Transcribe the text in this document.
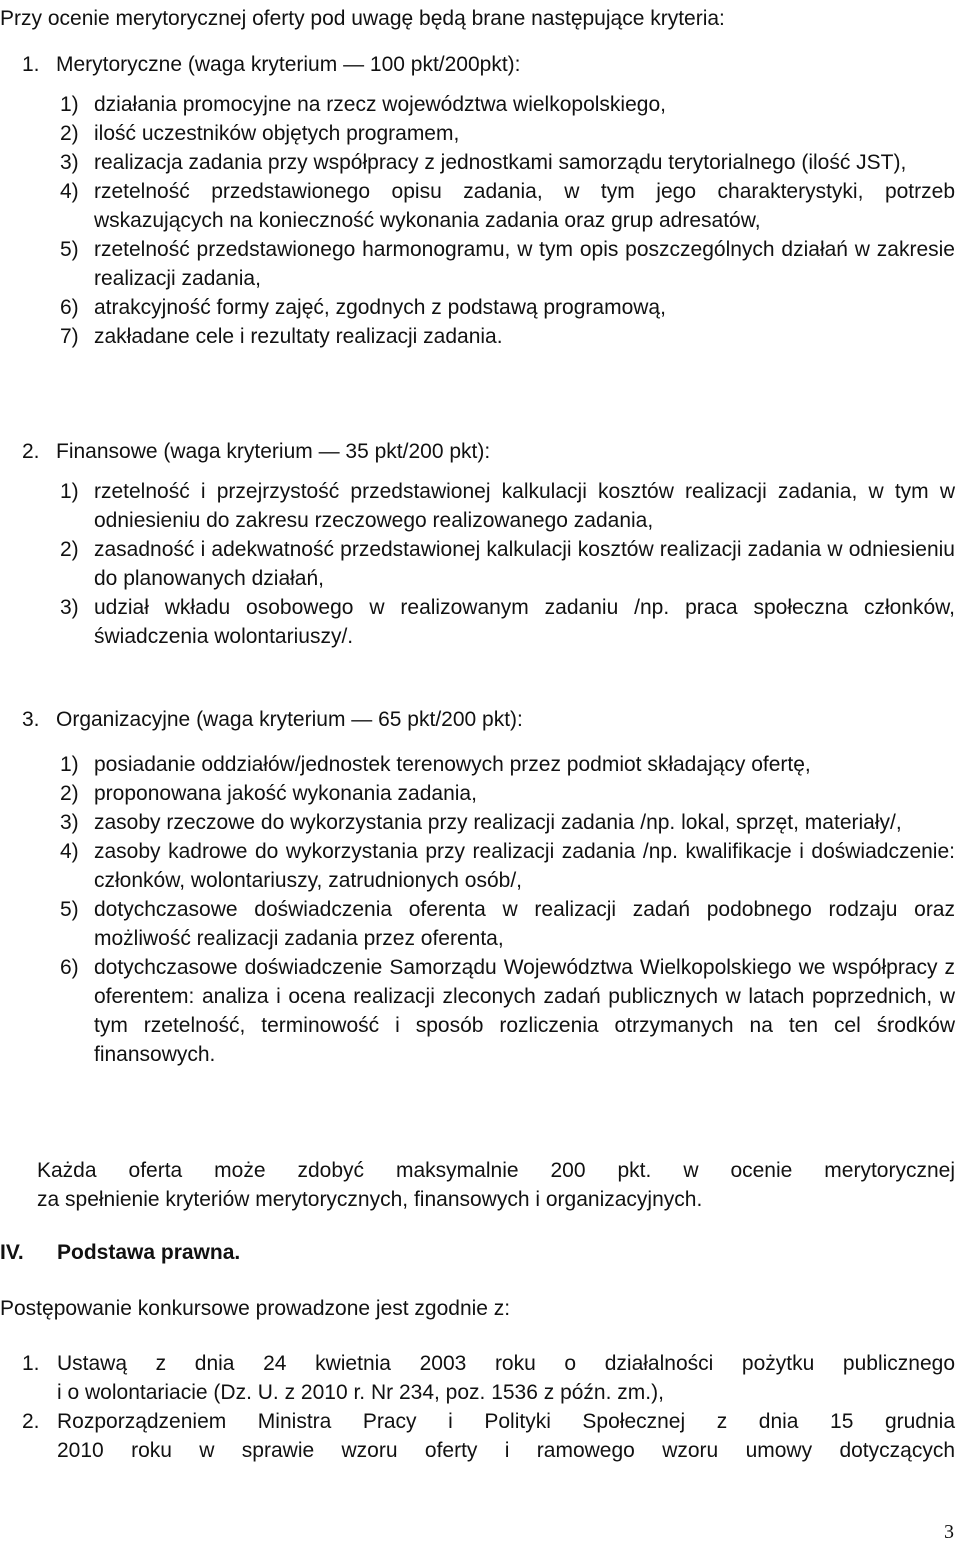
Przy ocenie merytorycznej oferty pod uwagę będą brane następujące kryteria:
1. Merytoryczne (waga kryterium — 100 pkt/200pkt):
1) działania promocyjne na rzecz województwa wielkopolskiego,
2) ilość uczestników objętych programem,
3) realizacja zadania przy współpracy z jednostkami samorządu terytorialnego (ilość JST),
4) rzetelność przedstawionego opisu zadania, w tym jego charakterystyki, potrzeb wskazujących na konieczność wykonania zadania oraz grup adresatów,
5) rzetelność przedstawionego harmonogramu, w tym opis poszczególnych działań w zakresie realizacji zadania,
6) atrakcyjność formy zajęć, zgodnych z podstawą programową,
7) zakładane cele i rezultaty realizacji zadania.
2. Finansowe (waga kryterium — 35 pkt/200 pkt):
1) rzetelność i przejrzystość przedstawionej kalkulacji kosztów realizacji zadania, w tym w odniesieniu do zakresu rzeczowego realizowanego zadania,
2) zasadność i adekwatność przedstawionej kalkulacji kosztów realizacji zadania w odniesieniu do planowanych działań,
3) udział wkładu osobowego w realizowanym zadaniu /np. praca społeczna członków, świadczenia wolontariuszy/.
3. Organizacyjne (waga kryterium — 65 pkt/200 pkt):
1) posiadanie oddziałów/jednostek terenowych przez podmiot składający ofertę,
2) proponowana jakość wykonania zadania,
3) zasoby rzeczowe do wykorzystania przy realizacji zadania /np. lokal, sprzęt, materiały/,
4) zasoby kadrowe do wykorzystania przy realizacji zadania /np. kwalifikacje i doświadczenie: członków, wolontariuszy, zatrudnionych osób/,
5) dotychczasowe doświadczenia oferenta w realizacji zadań podobnego rodzaju oraz możliwość realizacji zadania przez oferenta,
6) dotychczasowe doświadczenie Samorządu Województwa Wielkopolskiego we współpracy z oferentem: analiza i ocena realizacji zleconych zadań publicznych w latach poprzednich, w tym rzetelność, terminowość i sposób rozliczenia otrzymanych na ten cel środków finansowych.
Każda oferta może zdobyć maksymalnie 200 pkt. w ocenie merytorycznej
za spełnienie kryteriów merytorycznych, finansowych i organizacyjnych.
IV.	Podstawa prawna.
Postępowanie konkursowe prowadzone jest zgodnie z:
1. Ustawą z dnia 24 kwietnia 2003 roku o działalności pożytku publicznego
i o wolontariacie (Dz. U. z 2010 r. Nr 234, poz. 1536 z późn. zm.),
2. Rozporządzeniem Ministra Pracy i Polityki Społecznej z dnia 15 grudnia
2010 roku w sprawie wzoru oferty i ramowego wzoru umowy dotyczących
3
